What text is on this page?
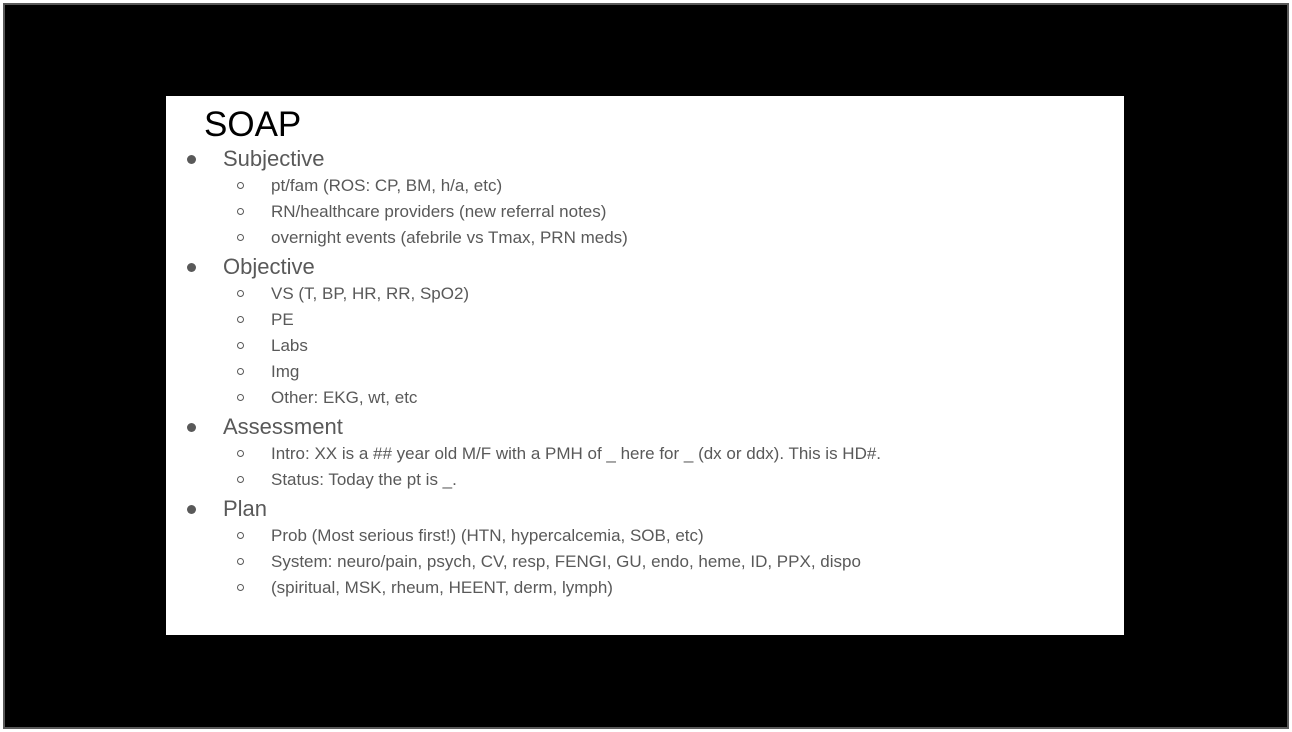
SOAP
Subjective
pt/fam (ROS: CP, BM, h/a, etc)
RN/healthcare providers (new referral notes)
overnight events (afebrile vs Tmax, PRN meds)
Objective
VS (T, BP, HR, RR, SpO2)
PE
Labs
Img
Other: EKG, wt, etc
Assessment
Intro: XX is a ## year old M/F with a PMH of _ here for _ (dx or ddx). This is HD#.
Status: Today the pt is _.
Plan
Prob (Most serious first!) (HTN, hypercalcemia, SOB, etc)
System: neuro/pain, psych, CV, resp, FENGI, GU, endo, heme, ID, PPX, dispo
(spiritual, MSK, rheum, HEENT, derm, lymph)
